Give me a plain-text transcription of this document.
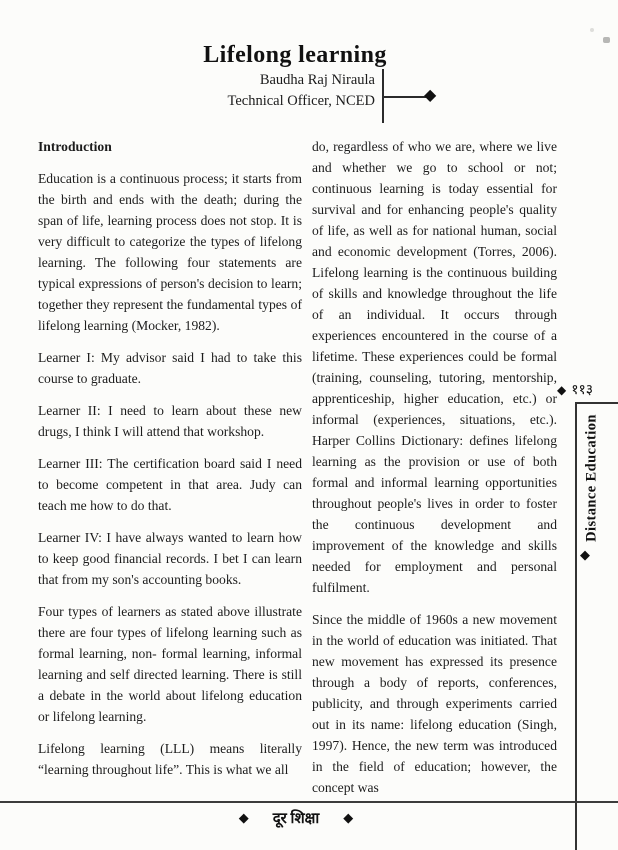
Lifelong learning
Baudha Raj Niraula
Technical Officer, NCED	◆

Introduction

Education is a continuous process; it starts from the birth and ends with the death; during the span of life, learning process does not stop. It is very difficult to categorize the types of lifelong learning. The following four statements are typical expressions of person's decision to learn; together they represent the fundamental types of lifelong learning (Mocker, 1982).

Learner I: My advisor said I had to take this course to graduate.

Learner II: I need to learn about these new drugs, I think I will attend that workshop.

Learner III: The certification board said I need to become competent in that area. Judy can teach me how to do that.

Learner IV: I have always wanted to learn how to keep good financial records. I bet I can learn that from my son's accounting books.

Four types of learners as stated above illustrate there are four types of lifelong learning such as formal learning, non- formal learning, informal learning and self directed learning. There is still a debate in the world about lifelong education or lifelong learning.

Lifelong learning (LLL) means literally “learning throughout life”. This is what we all

do, regardless of who we are, where we live and whether we go to school or not; continuous learning is today essential for survival and for enhancing people's quality of life, as well as for national human, social and economic development (Torres, 2006). Lifelong learning is the continuous building of skills and knowledge throughout the life of an individual. It occurs through experiences encountered in the course of a lifetime. These experiences could be formal (training, counseling, tutoring, mentorship, apprenticeship, higher education, etc.) or informal (experiences, situations, etc.). Harper Collins Dictionary: defines lifelong learning as the provision or use of both formal and informal learning opportunities throughout people's lives in order to foster the continuous development and improvement of the knowledge and skills needed for employment and personal fulfilment.

Since the middle of 1960s a new movement in the world of education was initiated. That new movement has expressed its presence through a body of reports, conferences, publicity, and through experiments carried out in its name: lifelong education (Singh, 1997). Hence, the new term was introduced in the field of education; however, the concept was

◆ ११३
Distance Education
◆
◆ दूर शिक्षा ◆
